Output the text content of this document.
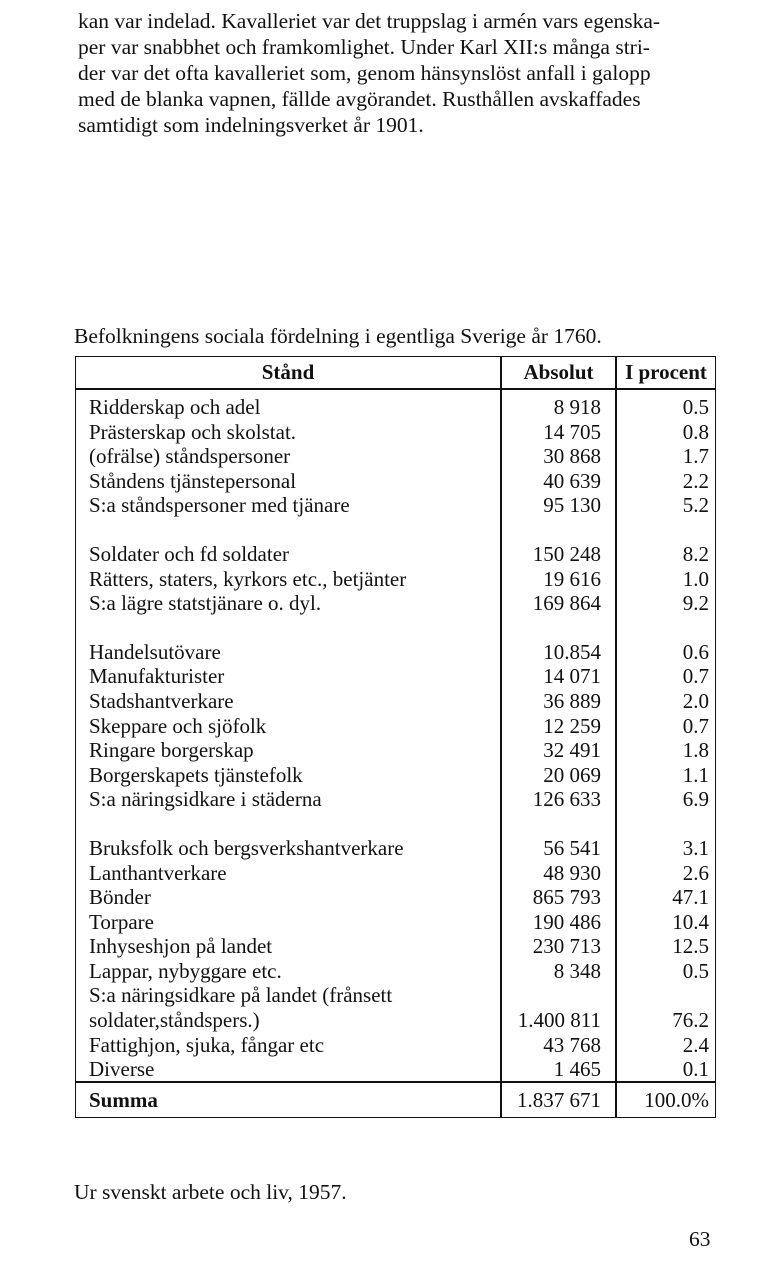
kan var indelad. Kavalleriet var det truppslag i armén vars egenska-
per var snabbhet och framkomlighet. Under Karl XII:s många stri-
der var det ofta kavalleriet som, genom hänsynslöst anfall i galopp
med de blanka vapnen, fällde avgörandet. Rusthållen avskaffades
samtidigt som indelningsverket år 1901.
Befolkningens sociala fördelning i egentliga Sverige år 1760.
Stånd	Absolut	I procent
Ridderskap och adel	8 918	0.5
Prästerskap och skolstat.	14 705	0.8
(ofrälse) ståndspersoner	30 868	1.7
Ståndens tjänstepersonal	40 639	2.2
S:a ståndspersoner med tjänare	95 130	5.2
Soldater och fd soldater	150 248	8.2
Rätters, staters, kyrkors etc., betjänter	19 616	1.0
S:a lägre statstjänare o. dyl.	169 864	9.2
Handelsutövare	10.854	0.6
Manufakturister	14 071	0.7
Stadshantverkare	36 889	2.0
Skeppare och sjöfolk	12 259	0.7
Ringare borgerskap	32 491	1.8
Borgerskapets tjänstefolk	20 069	1.1
S:a näringsidkare i städerna	126 633	6.9
Bruksfolk och bergsverkshantverkare	56 541	3.1
Lanthantverkare	48 930	2.6
Bönder	865 793	47.1
Torpare	190 486	10.4
Inhyseshjon på landet	230 713	12.5
Lappar, nybyggare etc.	8 348	0.5
S:a näringsidkare på landet (frånsett
soldater,ståndspers.)	1.400 811	76.2
Fattighjon, sjuka, fångar etc	43 768	2.4
Diverse	1 465	0.1
Summa	1.837 671	100.0%
Ur svenskt arbete och liv, 1957.
63
